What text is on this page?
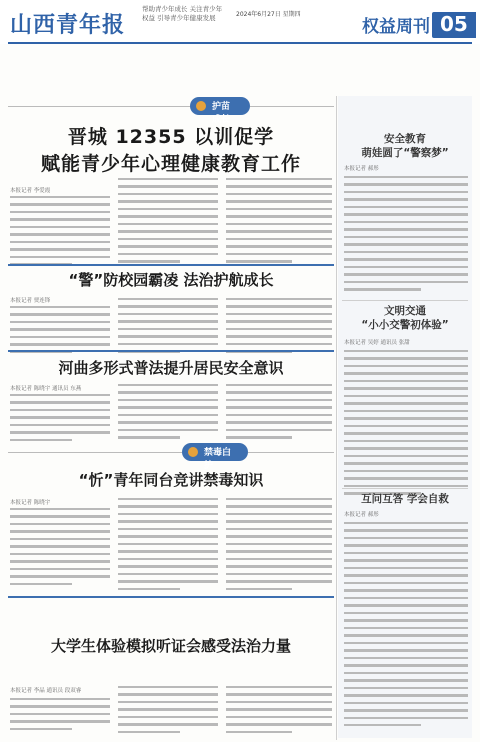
山西青年报
帮助青少年成长 关注青少年权益 引导青少年健康发展	2024年6月27日 星期四
权益周刊 05
护苗成长
晋城 12355 以训促学
赋能青少年心理健康教育工作
本报记者 李爱霞
“警”防校园霸凌 法治护航成长
本报记者 贾连锋
河曲多形式普法提升居民安全意识
本报记者 陈晓宇 通讯员 东燕
禁毒白护
“忻”青年同台竞讲禁毒知识
本报记者 陈晓宇
大学生体验模拟听证会感受法治力量
本报记者 李晶 通讯员 段双睿
安全教育
萌娃圆了“警察梦”
本报记者 郝彤
文明交通
“小小交警初体验”
本报记者 吴婷 通讯员 张甜
互问互答 学会自救
本报记者 郝彤
